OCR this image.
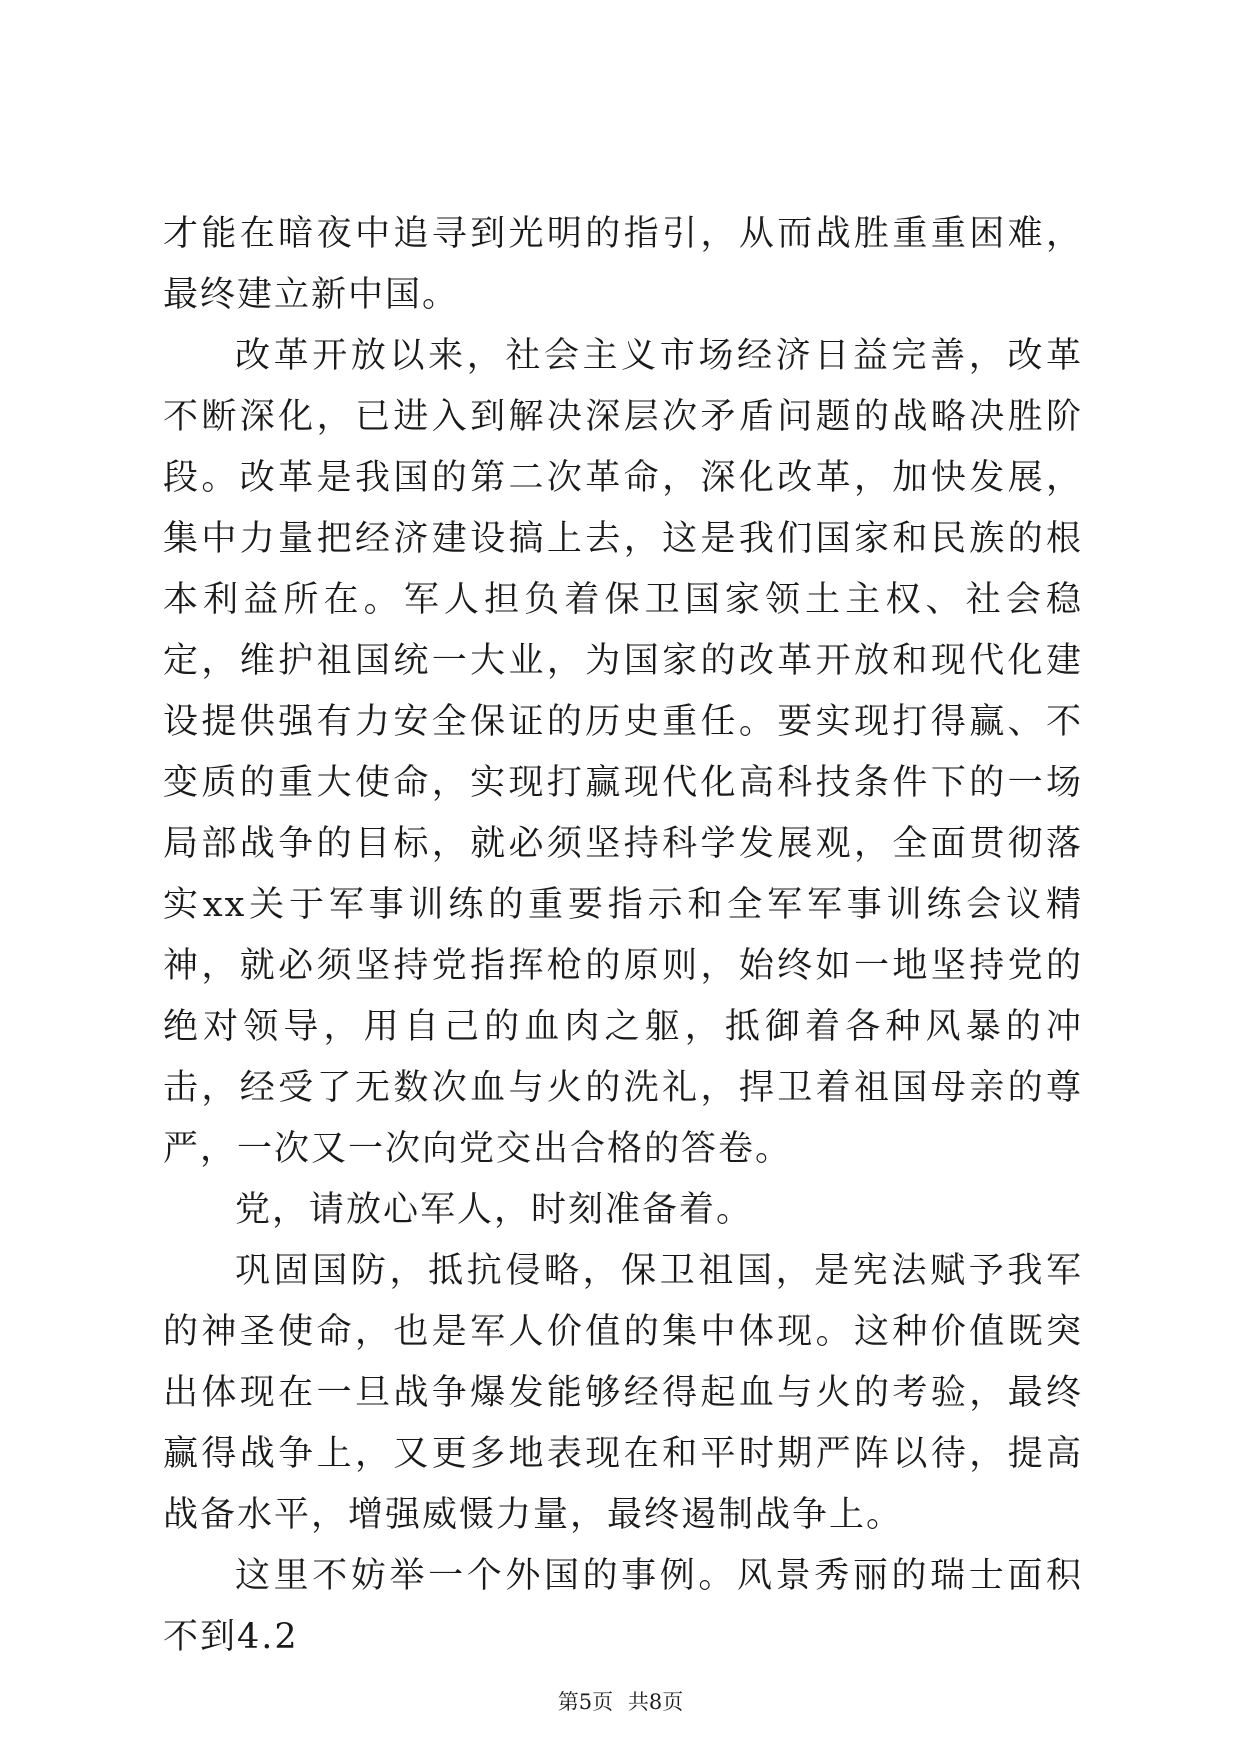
才能在暗夜中追寻到光明的指引，从而战胜重重困难，最终建立新中国。

改革开放以来，社会主义市场经济日益完善，改革不断深化，已进入到解决深层次矛盾问题的战略决胜阶段。改革是我国的第二次革命，深化改革，加快发展，集中力量把经济建设搞上去，这是我们国家和民族的根本利益所在。军人担负着保卫国家领土主权、社会稳定，维护祖国统一大业，为国家的改革开放和现代化建设提供强有力安全保证的历史重任。要实现打得赢、不变质的重大使命，实现打赢现代化高科技条件下的一场局部战争的目标，就必须坚持科学发展观，全面贯彻落实xx关于军事训练的重要指示和全军军事训练会议精神，就必须坚持党指挥枪的原则，始终如一地坚持党的绝对领导，用自己的血肉之躯，抵御着各种风暴的冲击，经受了无数次血与火的洗礼，捍卫着祖国母亲的尊严，一次又一次向党交出合格的答卷。

党，请放心军人，时刻准备着。

巩固国防，抵抗侵略，保卫祖国，是宪法赋予我军的神圣使命，也是军人价值的集中体现。这种价值既突出体现在一旦战争爆发能够经得起血与火的考验，最终赢得战争上，又更多地表现在和平时期严阵以待，提高战备水平，增强威慑力量，最终遏制战争上。

这里不妨举一个外国的事例。风景秀丽的瑞士面积不到4.2

第5页 共8页
